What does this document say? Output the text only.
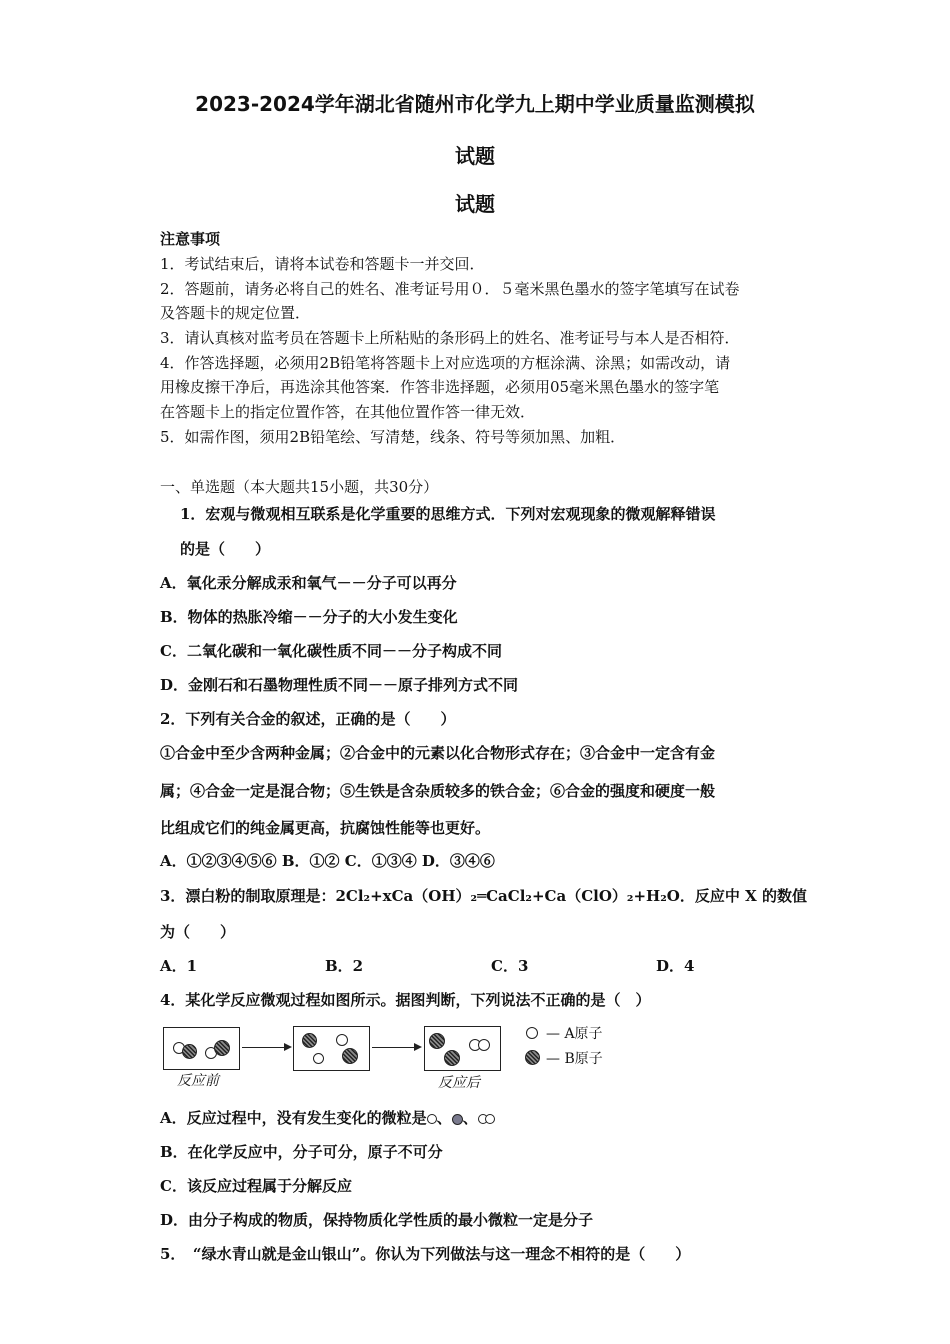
2023-2024学年湖北省随州市化学九上期中学业质量监测模拟
试题
试题
注意事项
1．考试结束后，请将本试卷和答题卡一并交回．
2．答题前，请务必将自己的姓名、准考证号用０．５毫米黑色墨水的签字笔填写在试卷
及答题卡的规定位置．
3．请认真核对监考员在答题卡上所粘贴的条形码上的姓名、准考证号与本人是否相符．
4．作答选择题，必须用2B铅笔将答题卡上对应选项的方框涂满、涂黑；如需改动，请
用橡皮擦干净后，再选涂其他答案．作答非选择题，必须用05毫米黑色墨水的签字笔
在答题卡上的指定位置作答，在其他位置作答一律无效．
5．如需作图，须用2B铅笔绘、写清楚，线条、符号等须加黑、加粗．
一、单选题（本大题共15小题，共30分）
1．宏观与微观相互联系是化学重要的思维方式．下列对宏观现象的微观解释错误
的是（　　）
A．氧化汞分解成汞和氧气－－分子可以再分
B．物体的热胀冷缩－－分子的大小发生变化
C．二氧化碳和一氧化碳性质不同－－分子构成不同
D．金刚石和石墨物理性质不同－－原子排列方式不同
2．下列有关合金的叙述，正确的是（　　）
①合金中至少含两种金属；②合金中的元素以化合物形式存在；③合金中一定含有金
属；④合金一定是混合物；⑤生铁是含杂质较多的铁合金；⑥合金的强度和硬度一般
比组成它们的纯金属更高，抗腐蚀性能等也更好。
A．①②③④⑤⑥ B．①② C．①③④ D．③④⑥
3．漂白粉的制取原理是：2Cl₂+xCa（OH）₂═CaCl₂+Ca（ClO）₂+H₂O．反应中 X 的数值
为（　　）
A．1	B．2	C．3	D．4
4．某化学反应微观过程如图所示。据图判断，下列说法不正确的是（　）
反应前	反应后
— A原子
— B原子
A．反应过程中，没有发生变化的微粒是 、 、
B．在化学反应中，分子可分，原子不可分
C．该反应过程属于分解反应
D．由分子构成的物质，保持物质化学性质的最小微粒一定是分子
5．　“绿水青山就是金山银山”。你认为下列做法与这一理念不相符的是（　　）
